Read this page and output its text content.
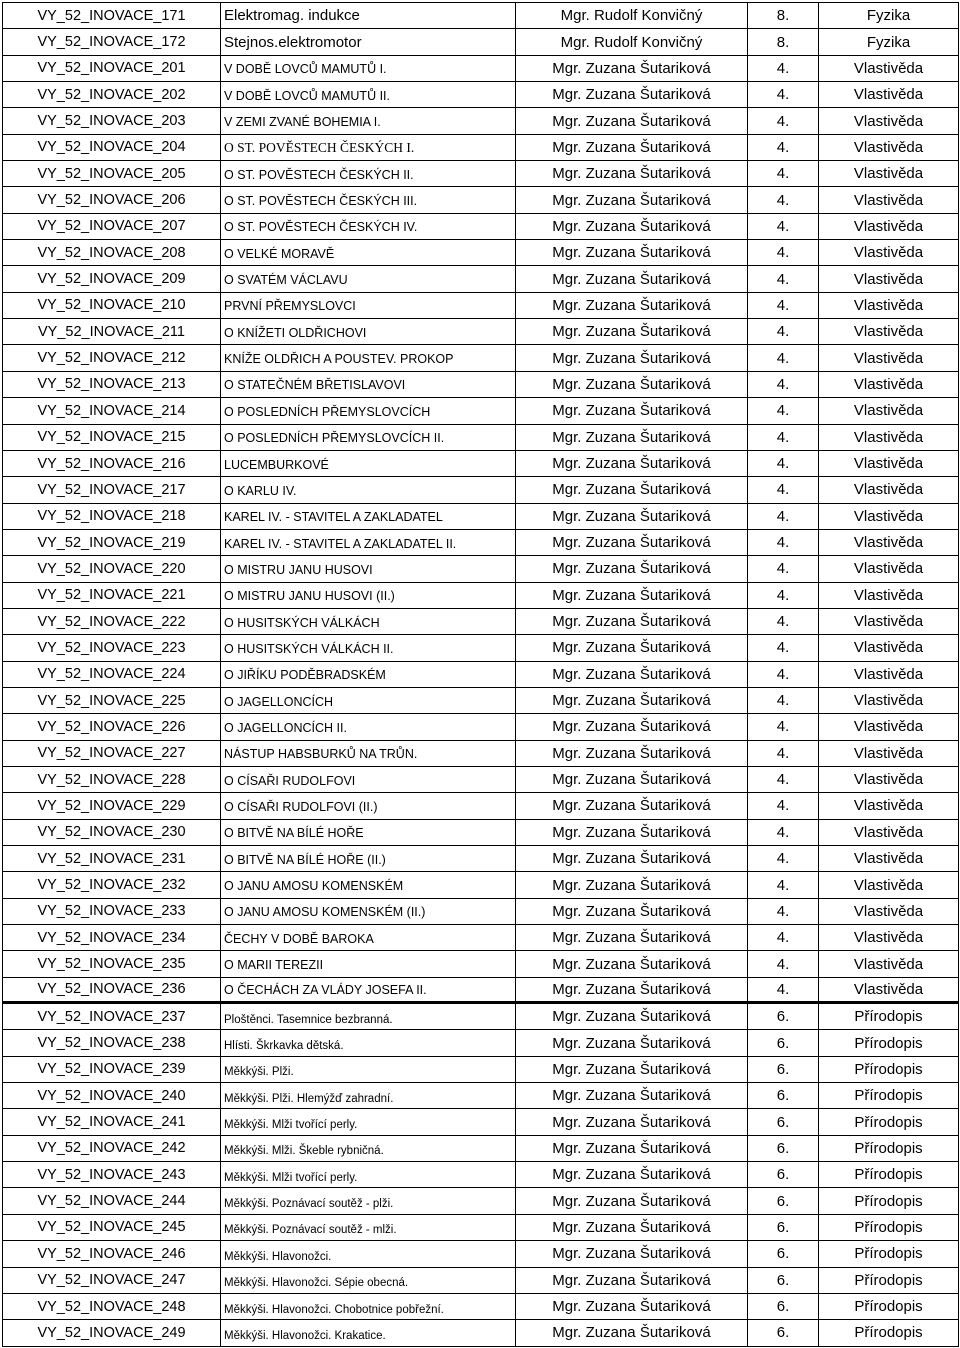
VY_52_INOVACE_171	Elektromag. indukce	Mgr. Rudolf Konvičný	8.	Fyzika
VY_52_INOVACE_172	Stejnos.elektromotor	Mgr. Rudolf Konvičný	8.	Fyzika
VY_52_INOVACE_201	V DOBĚ LOVCŮ MAMUTŮ I.	Mgr. Zuzana Šutariková	4.	Vlastivěda
VY_52_INOVACE_202	V DOBĚ LOVCŮ MAMUTŮ II.	Mgr. Zuzana Šutariková	4.	Vlastivěda
VY_52_INOVACE_203	V ZEMI ZVANÉ BOHEMIA I.	Mgr. Zuzana Šutariková	4.	Vlastivěda
VY_52_INOVACE_204	O ST. POVĚSTECH ČESKÝCH I.	Mgr. Zuzana Šutariková	4.	Vlastivěda
VY_52_INOVACE_205	O ST. POVĚSTECH ČESKÝCH II.	Mgr. Zuzana Šutariková	4.	Vlastivěda
VY_52_INOVACE_206	O ST. POVĚSTECH ČESKÝCH III.	Mgr. Zuzana Šutariková	4.	Vlastivěda
VY_52_INOVACE_207	O ST. POVĚSTECH ČESKÝCH IV.	Mgr. Zuzana Šutariková	4.	Vlastivěda
VY_52_INOVACE_208	O VELKÉ MORAVĚ	Mgr. Zuzana Šutariková	4.	Vlastivěda
VY_52_INOVACE_209	O SVATÉM VÁCLAVU	Mgr. Zuzana Šutariková	4.	Vlastivěda
VY_52_INOVACE_210	PRVNÍ PŘEMYSLOVCI	Mgr. Zuzana Šutariková	4.	Vlastivěda
VY_52_INOVACE_211	O KNÍŽETI OLDŘICHOVI	Mgr. Zuzana Šutariková	4.	Vlastivěda
VY_52_INOVACE_212	KNÍŽE OLDŘICH A POUSTEV. PROKOP	Mgr. Zuzana Šutariková	4.	Vlastivěda
VY_52_INOVACE_213	O STATEČNÉM BŘETISLAVOVI	Mgr. Zuzana Šutariková	4.	Vlastivěda
VY_52_INOVACE_214	O POSLEDNÍCH PŘEMYSLOVCÍCH	Mgr. Zuzana Šutariková	4.	Vlastivěda
VY_52_INOVACE_215	O POSLEDNÍCH PŘEMYSLOVCÍCH II.	Mgr. Zuzana Šutariková	4.	Vlastivěda
VY_52_INOVACE_216	LUCEMBURKOVÉ	Mgr. Zuzana Šutariková	4.	Vlastivěda
VY_52_INOVACE_217	O KARLU IV.	Mgr. Zuzana Šutariková	4.	Vlastivěda
VY_52_INOVACE_218	KAREL IV. - STAVITEL A ZAKLADATEL	Mgr. Zuzana Šutariková	4.	Vlastivěda
VY_52_INOVACE_219	KAREL IV. - STAVITEL A ZAKLADATEL II.	Mgr. Zuzana Šutariková	4.	Vlastivěda
VY_52_INOVACE_220	O MISTRU JANU HUSOVI	Mgr. Zuzana Šutariková	4.	Vlastivěda
VY_52_INOVACE_221	O MISTRU JANU HUSOVI (II.)	Mgr. Zuzana Šutariková	4.	Vlastivěda
VY_52_INOVACE_222	O HUSITSKÝCH VÁLKÁCH	Mgr. Zuzana Šutariková	4.	Vlastivěda
VY_52_INOVACE_223	O HUSITSKÝCH VÁLKÁCH II.	Mgr. Zuzana Šutariková	4.	Vlastivěda
VY_52_INOVACE_224	O JIŘÍKU PODĚBRADSKÉM	Mgr. Zuzana Šutariková	4.	Vlastivěda
VY_52_INOVACE_225	O JAGELLONCÍCH	Mgr. Zuzana Šutariková	4.	Vlastivěda
VY_52_INOVACE_226	O JAGELLONCÍCH II.	Mgr. Zuzana Šutariková	4.	Vlastivěda
VY_52_INOVACE_227	NÁSTUP HABSBURKŮ NA TRŮN.	Mgr. Zuzana Šutariková	4.	Vlastivěda
VY_52_INOVACE_228	O CÍSAŘI RUDOLFOVI	Mgr. Zuzana Šutariková	4.	Vlastivěda
VY_52_INOVACE_229	O CÍSAŘI RUDOLFOVI (II.)	Mgr. Zuzana Šutariková	4.	Vlastivěda
VY_52_INOVACE_230	O BITVĚ NA BÍLÉ HOŘE	Mgr. Zuzana Šutariková	4.	Vlastivěda
VY_52_INOVACE_231	O BITVĚ NA BÍLÉ HOŘE (II.)	Mgr. Zuzana Šutariková	4.	Vlastivěda
VY_52_INOVACE_232	O JANU AMOSU KOMENSKÉM	Mgr. Zuzana Šutariková	4.	Vlastivěda
VY_52_INOVACE_233	O JANU AMOSU KOMENSKÉM (II.)	Mgr. Zuzana Šutariková	4.	Vlastivěda
VY_52_INOVACE_234	ČECHY V DOBĚ BAROKA	Mgr. Zuzana Šutariková	4.	Vlastivěda
VY_52_INOVACE_235	O MARII TEREZII	Mgr. Zuzana Šutariková	4.	Vlastivěda
VY_52_INOVACE_236	O ČECHÁCH ZA VLÁDY JOSEFA II.	Mgr. Zuzana Šutariková	4.	Vlastivěda
VY_52_INOVACE_237	Ploštěnci. Tasemnice bezbranná.	Mgr. Zuzana Šutariková	6.	Přírodopis
VY_52_INOVACE_238	Hlísti. Škrkavka dětská.	Mgr. Zuzana Šutariková	6.	Přírodopis
VY_52_INOVACE_239	Měkkýši. Plži.	Mgr. Zuzana Šutariková	6.	Přírodopis
VY_52_INOVACE_240	Měkkýši. Plži. Hlemýžď zahradní.	Mgr. Zuzana Šutariková	6.	Přírodopis
VY_52_INOVACE_241	Měkkýši. Mlži tvořící perly.	Mgr. Zuzana Šutariková	6.	Přírodopis
VY_52_INOVACE_242	Měkkýši. Mlži. Škeble rybničná.	Mgr. Zuzana Šutariková	6.	Přírodopis
VY_52_INOVACE_243	Měkkýši. Mlži tvořící perly.	Mgr. Zuzana Šutariková	6.	Přírodopis
VY_52_INOVACE_244	Měkkýši. Poznávací soutěž - plži.	Mgr. Zuzana Šutariková	6.	Přírodopis
VY_52_INOVACE_245	Měkkýši. Poznávací soutěž - mlži.	Mgr. Zuzana Šutariková	6.	Přírodopis
VY_52_INOVACE_246	Měkkýši. Hlavonožci.	Mgr. Zuzana Šutariková	6.	Přírodopis
VY_52_INOVACE_247	Měkkýši. Hlavonožci. Sépie obecná.	Mgr. Zuzana Šutariková	6.	Přírodopis
VY_52_INOVACE_248	Měkkýši. Hlavonožci. Chobotnice pobřežní.	Mgr. Zuzana Šutariková	6.	Přírodopis
VY_52_INOVACE_249	Měkkýši. Hlavonožci. Krakatice.	Mgr. Zuzana Šutariková	6.	Přírodopis
